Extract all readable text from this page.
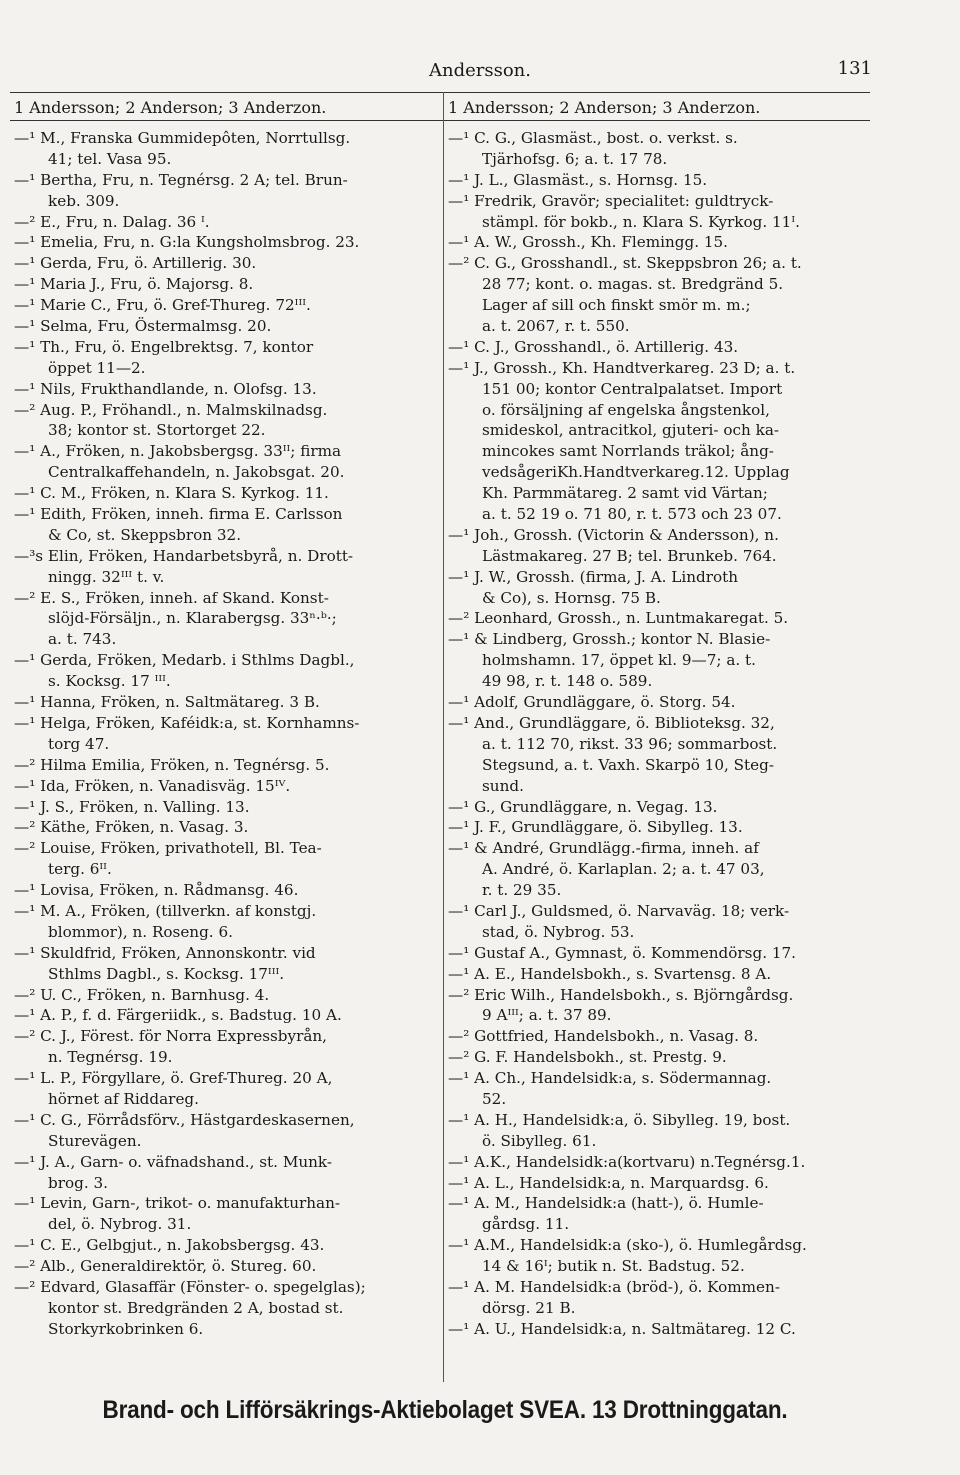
Andersson.	131
1 Andersson; 2 Anderson; 3 Anderzon.	1 Andersson; 2 Anderson; 3 Anderzon.
—¹ M., Franska Gummidepôten, Norrtullsg.
41; tel. Vasa 95.
—¹ Bertha, Fru, n. Tegnérsg. 2 A; tel. Brun-
keb. 309.
—² E., Fru, n. Dalag. 36 ᴵ.
—¹ Emelia, Fru, n. G:la Kungsholmsbrog. 23.
—¹ Gerda, Fru, ö. Artillerig. 30.
—¹ Maria J., Fru, ö. Majorsg. 8.
—¹ Marie C., Fru, ö. Gref-Thureg. 72ᴵᴵᴵ.
—¹ Selma, Fru, Östermalmsg. 20.
—¹ Th., Fru, ö. Engelbrektsg. 7, kontor
öppet 11—2.
—¹ Nils, Frukthandlande, n. Olofsg. 13.
—² Aug. P., Fröhandl., n. Malmskilnadsg.
38; kontor st. Stortorget 22.
—¹ A., Fröken, n. Jakobsbergsg. 33ᴵᴵ; firma
Centralkaffehandeln, n. Jakobsgat. 20.
—¹ C. M., Fröken, n. Klara S. Kyrkog. 11.
—¹ Edith, Fröken, inneh. firma E. Carlsson
& Co, st. Skeppsbron 32.
—³s Elin, Fröken, Handarbetsbyrå, n. Drott-
ningg. 32ᴵᴵᴵ t. v.
—² E. S., Fröken, inneh. af Skand. Konst-
slöjd-Försäljn., n. Klarabergsg. 33ⁿ·ᵇ·;
a. t. 743.
—¹ Gerda, Fröken, Medarb. i Sthlms Dagbl.,
s. Kocksg. 17 ᴵᴵᴵ.
—¹ Hanna, Fröken, n. Saltmätareg. 3 B.
—¹ Helga, Fröken, Kaféidk:a, st. Kornhamns-
torg 47.
—² Hilma Emilia, Fröken, n. Tegnérsg. 5.
—¹ Ida, Fröken, n. Vanadisväg. 15ᴵⱽ.
—¹ J. S., Fröken, n. Valling. 13.
—² Käthe, Fröken, n. Vasag. 3.
—² Louise, Fröken, privathotell, Bl. Tea-
terg. 6ᴵᴵ.
—¹ Lovisa, Fröken, n. Rådmansg. 46.
—¹ M. A., Fröken, (tillverkn. af konstgj.
blommor), n. Roseng. 6.
—¹ Skuldfrid, Fröken, Annonskontr. vid
Sthlms Dagbl., s. Kocksg. 17ᴵᴵᴵ.
—² U. C., Fröken, n. Barnhusg. 4.
—¹ A. P., f. d. Färgeriidk., s. Badstug. 10 A.
—² C. J., Förest. för Norra Expressbyrån,
n. Tegnérsg. 19.
—¹ L. P., Förgyllare, ö. Gref-Thureg. 20 A,
hörnet af Riddareg.
—¹ C. G., Förrådsförv., Hästgardeskasernen,
Sturevägen.
—¹ J. A., Garn- o. väfnadshand., st. Munk-
brog. 3.
—¹ Levin, Garn-, trikot- o. manufakturhan-
del, ö. Nybrog. 31.
—¹ C. E., Gelbgjut., n. Jakobsbergsg. 43.
—² Alb., Generaldirektör, ö. Stureg. 60.
—² Edvard, Glasaffär (Fönster- o. spegelglas);
kontor st. Bredgränden 2 A, bostad st.
Storkyrkobrinken 6.
—¹ C. G., Glasmäst., bost. o. verkst. s.
Tjärhofsg. 6; a. t. 17 78.
—¹ J. L., Glasmäst., s. Hornsg. 15.
—¹ Fredrik, Gravör; specialitet: guldtryck-
stämpl. för bokb., n. Klara S. Kyrkog. 11ᴵ.
—¹ A. W., Grossh., Kh. Flemingg. 15.
—² C. G., Grosshandl., st. Skeppsbron 26; a. t.
28 77; kont. o. magas. st. Bredgränd 5.
Lager af sill och finskt smör m. m.;
a. t. 2067, r. t. 550.
—¹ C. J., Grosshandl., ö. Artillerig. 43.
—¹ J., Grossh., Kh. Handtverkareg. 23 D; a. t.
151 00; kontor Centralpalatset. Import
o. försäljning af engelska ångstenkol,
smideskol, antracitkol, gjuteri- och ka-
mincokes samt Norrlands träkol; ång-
vedsågeriKh.Handtverkareg.12. Upplag
Kh. Parmmätareg. 2 samt vid Värtan;
a. t. 52 19 o. 71 80, r. t. 573 och 23 07.
—¹ Joh., Grossh. (Victorin & Andersson), n.
Lästmakareg. 27 B; tel. Brunkeb. 764.
—¹ J. W., Grossh. (firma, J. A. Lindroth
& Co), s. Hornsg. 75 B.
—² Leonhard, Grossh., n. Luntmakaregat. 5.
—¹ & Lindberg, Grossh.; kontor N. Blasie-
holmshamn. 17, öppet kl. 9—7; a. t.
49 98, r. t. 148 o. 589.
—¹ Adolf, Grundläggare, ö. Storg. 54.
—¹ And., Grundläggare, ö. Biblioteksg. 32,
a. t. 112 70, rikst. 33 96; sommarbost.
Stegsund, a. t. Vaxh. Skarpö 10, Steg-
sund.
—¹ G., Grundläggare, n. Vegag. 13.
—¹ J. F., Grundläggare, ö. Sibylleg. 13.
—¹ & André, Grundlägg.-firma, inneh. af
A. André, ö. Karlaplan. 2; a. t. 47 03,
r. t. 29 35.
—¹ Carl J., Guldsmed, ö. Narvaväg. 18; verk-
stad, ö. Nybrog. 53.
—¹ Gustaf A., Gymnast, ö. Kommendörsg. 17.
—¹ A. E., Handelsbokh., s. Svartensg. 8 A.
—² Eric Wilh., Handelsbokh., s. Björngårdsg.
9 Aᴵᴵᴵ; a. t. 37 89.
—² Gottfried, Handelsbokh., n. Vasag. 8.
—² G. F. Handelsbokh., st. Prestg. 9.
—¹ A. Ch., Handelsidk:a, s. Södermannag.
52.
—¹ A. H., Handelsidk:a, ö. Sibylleg. 19, bost.
ö. Sibylleg. 61.
—¹ A.K., Handelsidk:a(kortvaru) n.Tegnérsg.1.
—¹ A. L., Handelsidk:a, n. Marquardsg. 6.
—¹ A. M., Handelsidk:a (hatt-), ö. Humle-
gårdsg. 11.
—¹ A.M., Handelsidk:a (sko-), ö. Humlegårdsg.
14 & 16ᴵ; butik n. St. Badstug. 52.
—¹ A. M. Handelsidk:a (bröd-), ö. Kommen-
dörsg. 21 B.
—¹ A. U., Handelsidk:a, n. Saltmätareg. 12 C.
Brand- och Lifförsäkrings-Aktiebolaget SVEA. 13 Drottninggatan.
